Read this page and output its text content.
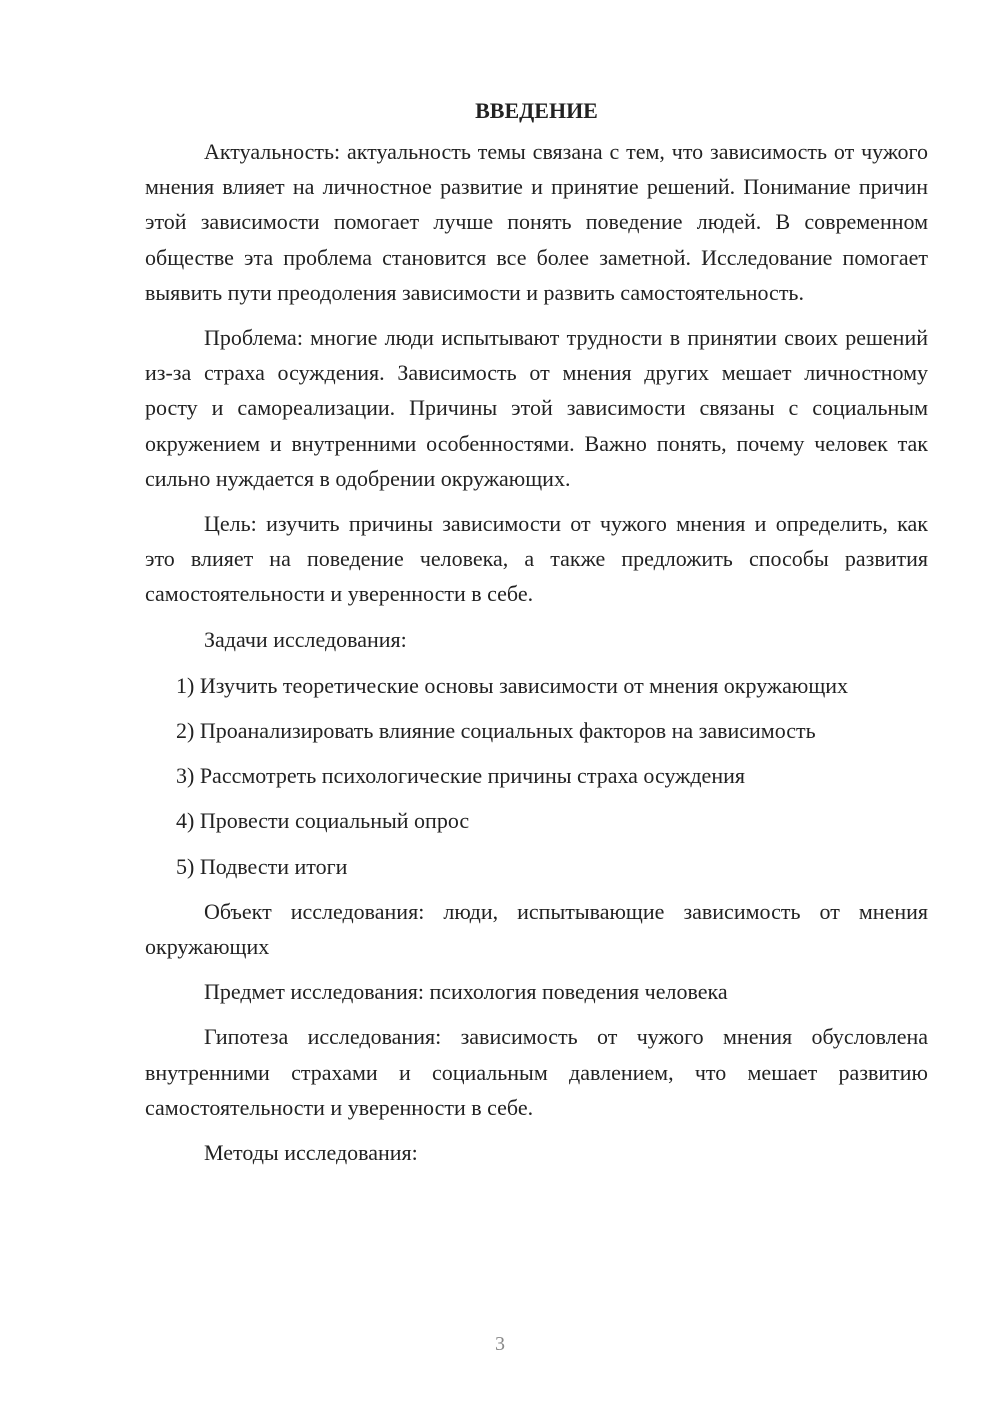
ВВЕДЕНИЕ

Актуальность: актуальность темы связана с тем, что зависимость от чужого мнения влияет на личностное развитие и принятие решений. Понимание причин этой зависимости помогает лучше понять поведение людей. В современном обществе эта проблема становится все более заметной. Исследование помогает выявить пути преодоления зависимости и развить самостоятельность.

Проблема: многие люди испытывают трудности в принятии своих решений из-за страха осуждения. Зависимость от мнения других мешает личностному росту и самореализации. Причины этой зависимости связаны с социальным окружением и внутренними особенностями. Важно понять, почему человек так сильно нуждается в одобрении окружающих.

Цель: изучить причины зависимости от чужого мнения и определить, как это влияет на поведение человека, а также предложить способы развития самостоятельности и уверенности в себе.

Задачи исследования:

1) Изучить теоретические основы зависимости от мнения окружающих

2) Проанализировать влияние социальных факторов на зависимость

3) Рассмотреть психологические причины страха осуждения

4) Провести социальный опрос

5) Подвести итоги

Объект исследования: люди, испытывающие зависимость от мнения окружающих

Предмет исследования: психология поведения человека

Гипотеза исследования: зависимость от чужого мнения обусловлена внутренними страхами и социальным давлением, что мешает развитию самостоятельности и уверенности в себе.

Методы исследования:

3
